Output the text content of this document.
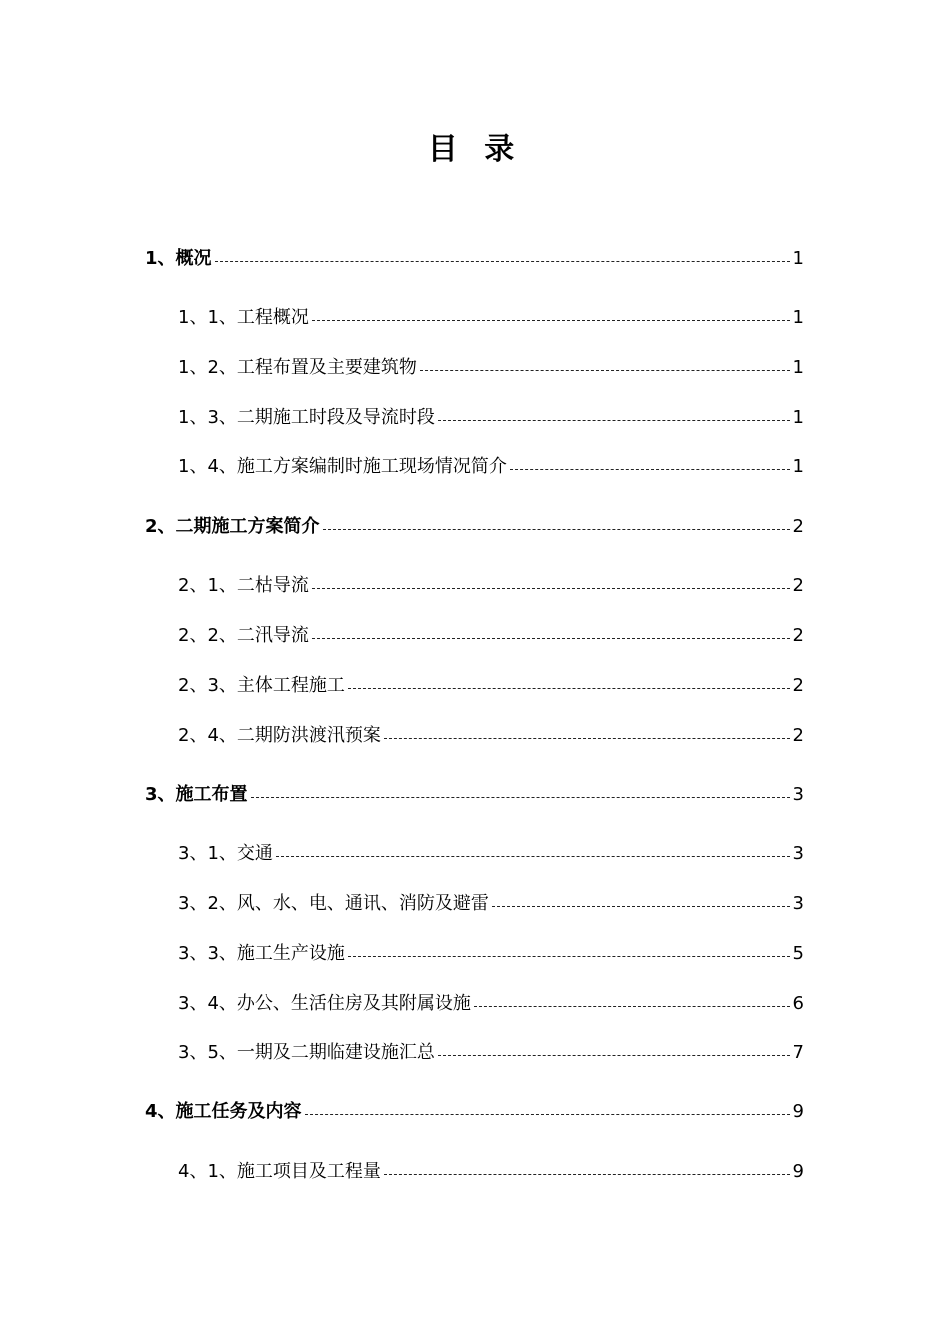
目 录
1、概况	1
1、1、工程概况	1
1、2、工程布置及主要建筑物	1
1、3、二期施工时段及导流时段	1
1、4、施工方案编制时施工现场情况简介	1
2、二期施工方案简介	2
2、1、二枯导流	2
2、2、二汛导流	2
2、3、主体工程施工	2
2、4、二期防洪渡汛预案	2
3、施工布置	3
3、1、交通	3
3、2、风、水、电、通讯、消防及避雷	3
3、3、施工生产设施	5
3、4、办公、生活住房及其附属设施	6
3、5、一期及二期临建设施汇总	7
4、施工任务及内容	9
4、1、施工项目及工程量	9
